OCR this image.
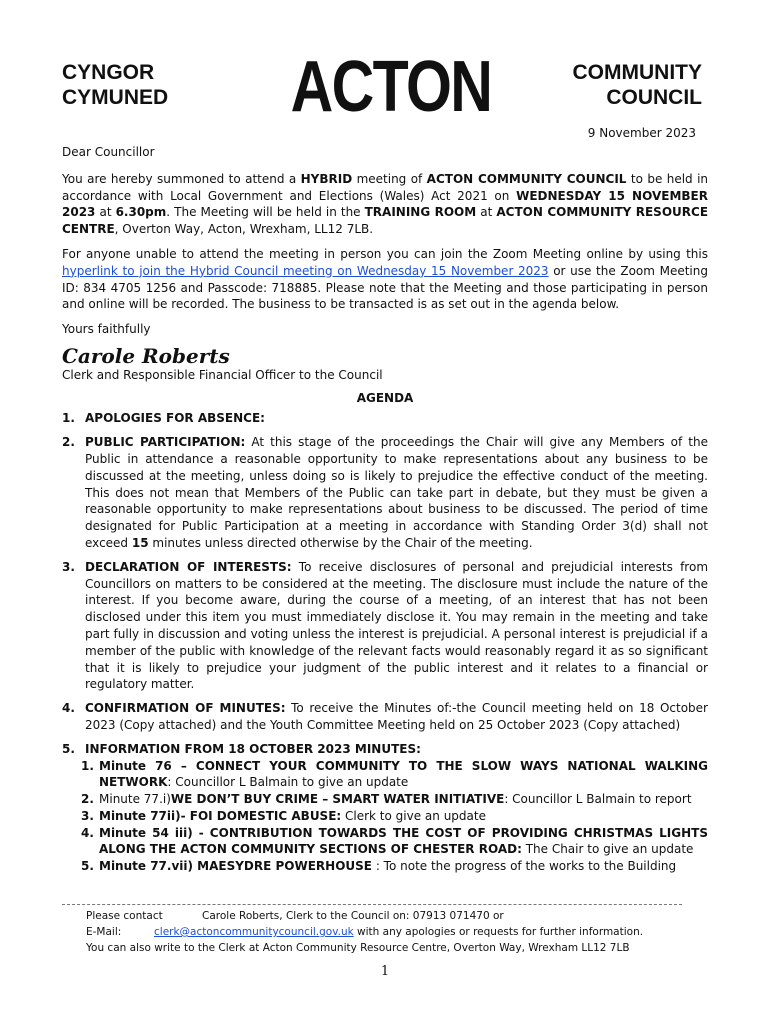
CYNGOR
CYMUNED ACTON	COMMUNITY
COUNCIL
9 November 2023

Dear Councillor

You are hereby summoned to attend a HYBRID meeting of ACTON COMMUNITY COUNCIL to be held in accordance with Local Government and Elections (Wales) Act 2021 on WEDNESDAY 15 NOVEMBER 2023 at 6.30pm. The Meeting will be held in the TRAINING ROOM at ACTON COMMUNITY RESOURCE CENTRE, Overton Way, Acton, Wrexham, LL12 7LB.

For anyone unable to attend the meeting in person you can join the Zoom Meeting online by using this hyperlink to join the Hybrid Council meeting on Wednesday 15 November 2023 or use the Zoom Meeting ID: 834 4705 1256 and Passcode: 718885. Please note that the Meeting and those participating in person and online will be recorded. The business to be transacted is as set out in the agenda below.

Yours faithfully

Carole Roberts
Clerk and Responsible Financial Officer to the Council
AGENDA
1. APOLOGIES FOR ABSENCE:
2. PUBLIC PARTICIPATION: At this stage of the proceedings the Chair will give any Members of the Public in attendance a reasonable opportunity to make representations about any business to be discussed at the meeting, unless doing so is likely to prejudice the effective conduct of the meeting. This does not mean that Members of the Public can take part in debate, but they must be given a reasonable opportunity to make representations about business to be discussed. The period of time designated for Public Participation at a meeting in accordance with Standing Order 3(d) shall not exceed 15 minutes unless directed otherwise by the Chair of the meeting.
3. DECLARATION OF INTERESTS: To receive disclosures of personal and prejudicial interests from Councillors on matters to be considered at the meeting. The disclosure must include the nature of the interest. If you become aware, during the course of a meeting, of an interest that has not been disclosed under this item you must immediately disclose it. You may remain in the meeting and take part fully in discussion and voting unless the interest is prejudicial. A personal interest is prejudicial if a member of the public with knowledge of the relevant facts would reasonably regard it as so significant that it is likely to prejudice your judgment of the public interest and it relates to a financial or regulatory matter.
4. CONFIRMATION OF MINUTES: To receive the Minutes of:-the Council meeting held on 18 October 2023 (Copy attached) and the Youth Committee Meeting held on 25 October 2023 (Copy attached)
5. INFORMATION FROM 18 OCTOBER 2023 MINUTES:
1. Minute 76 – CONNECT YOUR COMMUNITY TO THE SLOW WAYS NATIONAL WALKING NETWORK: Councillor L Balmain to give an update
2. Minute 77.i)WE DON’T BUY CRIME – SMART WATER INITIATIVE: Councillor L Balmain to report
3. Minute 77ii)- FOI DOMESTIC ABUSE: Clerk to give an update
4. Minute 54 iii) - CONTRIBUTION TOWARDS THE COST OF PROVIDING CHRISTMAS LIGHTS ALONG THE ACTON COMMUNITY SECTIONS OF CHESTER ROAD: The Chair to give an update
5. Minute 77.vii) MAESYDRE POWERHOUSE : To note the progress of the works to the Building
Please contact	Carole Roberts, Clerk to the Council on: 07913 071470 or
E-Mail:	clerk@actoncommunitycouncil.gov.uk with any apologies or requests for further information.
You can also write to the Clerk at Acton Community Resource Centre, Overton Way, Wrexham LL12 7LB
1
